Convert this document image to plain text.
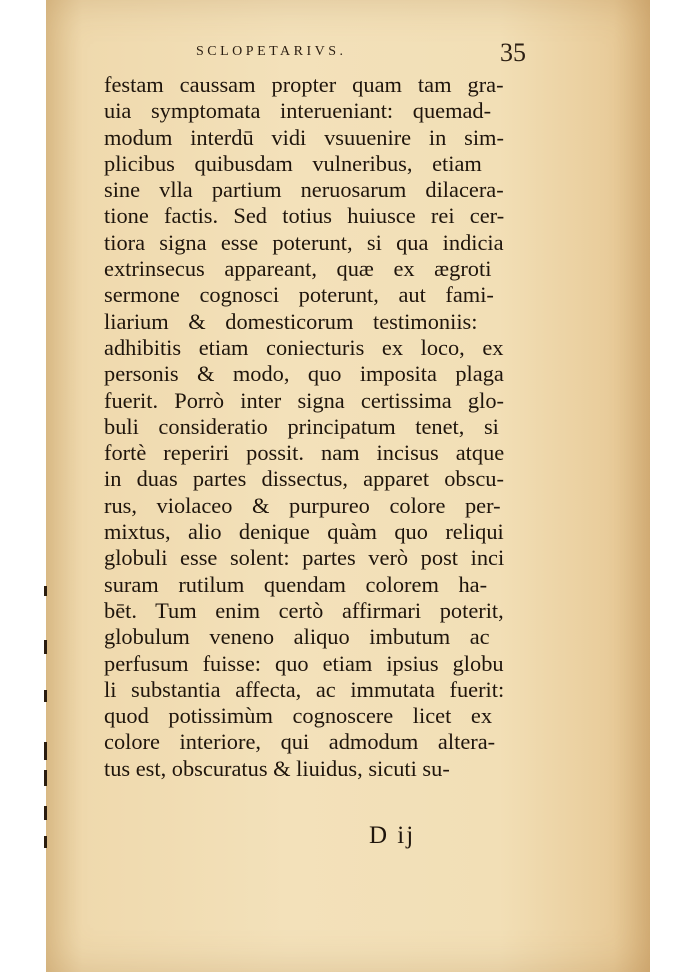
SCLOPETARIVS.	35
festam caussam propter quam tam gra-
uia symptomata interueniant: quemad-
modum interdū vidi vsuuenire in sim-
plicibus quibusdam vulneribus, etiam
sine vlla partium neruosarum dilacera-
tione factis. Sed totius huiusce rei cer-
tiora signa esse poterunt, si qua indicia
extrinsecus appareant, quæ ex ægroti
sermone cognosci poterunt, aut fami-
liarium & domesticorum testimoniis:
adhibitis etiam coniecturis ex loco, ex
personis & modo, quo imposita plaga
fuerit. Porrò inter signa certissima glo-
buli consideratio principatum tenet, si
fortè reperiri possit. nam incisus atque
in duas partes dissectus, apparet obscu-
rus, violaceo & purpureo colore per-
mixtus, alio denique quàm quo reliqui
globuli esse solent: partes verò post inci
suram rutilum quendam colorem ha-
bēt. Tum enim certò affirmari poterit,
globulum veneno aliquo imbutum ac
perfusum fuisse: quo etiam ipsius globu
li substantia affecta, ac immutata fuerit:
quod potissimùm cognoscere licet ex
colore interiore, qui admodum altera-
tus est, obscuratus & liuidus, sicuti su-
D ij
